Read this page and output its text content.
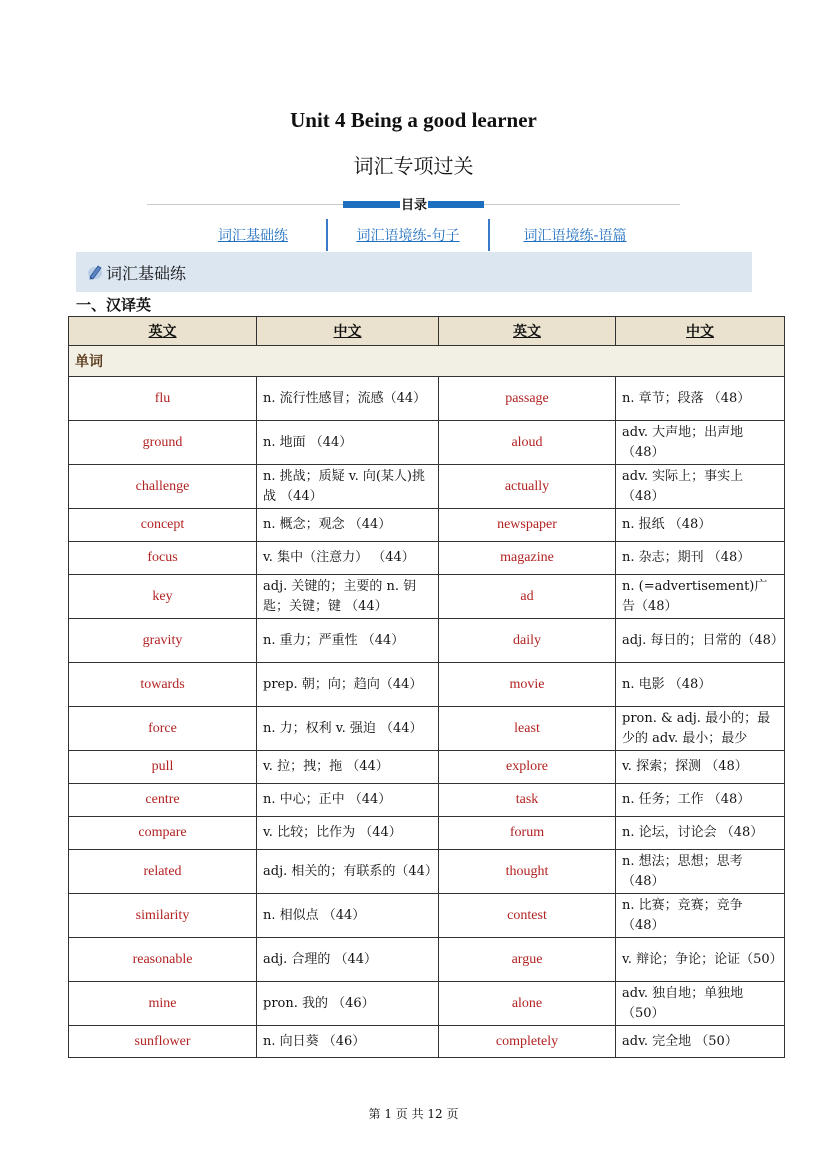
Unit 4 Being a good learner
词汇专项过关
目录
词汇基础练	词汇语境练-句子	词汇语境练-语篇
词汇基础练
一、汉译英
英文	中文	英文	中文
单词			
flu	n. 流行性感冒；流感（44）	passage	n. 章节；段落 （48）
ground	n. 地面 （44）	aloud	adv. 大声地；出声地（48）
challenge	n. 挑战；质疑 v. 向(某人)挑战 （44）	actually	adv. 实际上；事实上（48）
concept	n. 概念；观念 （44）	newspaper	n. 报纸 （48）
focus	v. 集中（注意力） （44）	magazine	n. 杂志；期刊 （48）
key	adj. 关键的；主要的 n. 钥匙；关键；键 （44）	ad	n. (=advertisement)广告（48）
gravity	n. 重力；严重性 （44）	daily	adj. 每日的；日常的（48）
towards	prep. 朝；向；趋向（44）	movie	n. 电影 （48）
force	n. 力；权利 v. 强迫 （44）	least	pron. & adj. 最小的；最少的 adv. 最小；最少
pull	v. 拉；拽；拖 （44）	explore	v. 探索；探测 （48）
centre	n. 中心；正中 （44）	task	n. 任务；工作 （48）
compare	v. 比较；比作为 （44）	forum	n. 论坛，讨论会 （48）
related	adj. 相关的；有联系的（44）	thought	n. 想法；思想；思考（48）
similarity	n. 相似点 （44）	contest	n. 比赛；竞赛；竞争（48）
reasonable	adj. 合理的 （44）	argue	v. 辩论；争论；论证（50）
mine	pron. 我的 （46）	alone	adv. 独自地；单独地（50）
sunflower	n. 向日葵 （46）	completely	adv. 完全地 （50）
第 1 页 共 12 页
